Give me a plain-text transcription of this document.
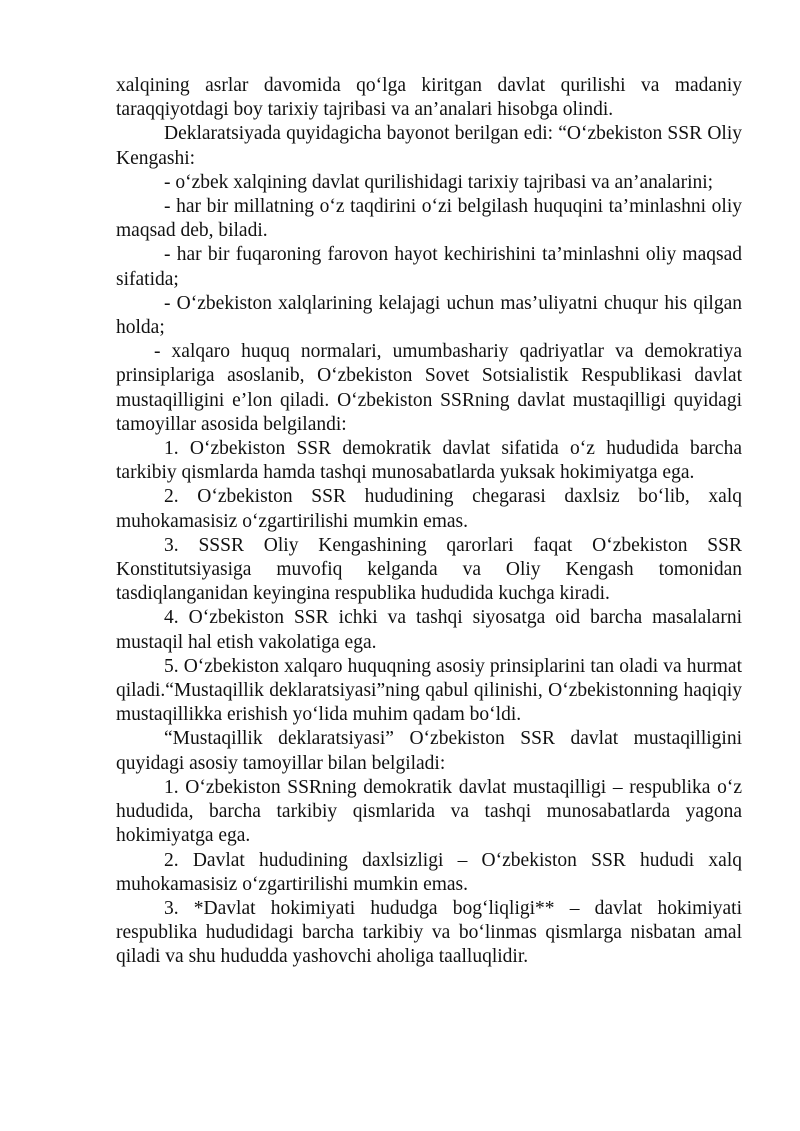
xalqining asrlar davomida qo‘lga kiritgan davlat qurilishi va madaniy taraqqiyotdagi boy tarixiy tajribasi va an’analari hisobga olindi.

Deklaratsiyada quyidagicha bayonot berilgan edi: “O‘zbekiston SSR Oliy Kengashi:

- o‘zbek xalqining davlat qurilishidagi tarixiy tajribasi va an’analarini;

- har bir millatning o‘z taqdirini o‘zi belgilash huquqini ta’minlashni oliy maqsad deb, biladi.

- har bir fuqaroning farovon hayot kechirishini ta’minlashni oliy maqsad sifatida;

- O‘zbekiston xalqlarining kelajagi uchun mas’uliyatni chuqur his qilgan holda;

- xalqaro huquq normalari, umumbashariy qadriyatlar va demokratiya prinsiplariga asoslanib, O‘zbekiston Sovet Sotsialistik Respublikasi davlat mustaqilligini e’lon qiladi. O‘zbekiston SSRning davlat mustaqilligi quyidagi tamoyillar asosida belgilandi:

1. O‘zbekiston SSR demokratik davlat sifatida o‘z hududida barcha tarkibiy qismlarda hamda tashqi munosabatlarda yuksak hokimiyatga ega.

2. O‘zbekiston SSR hududining chegarasi daxlsiz bo‘lib, xalq muhokamasisiz o‘zgartirilishi mumkin emas.

3. SSSR Oliy Kengashining qarorlari faqat O‘zbekiston SSR Konstitutsiyasiga muvofiq kelganda va Oliy Kengash tomonidan tasdiqlanganidan keyingina respublika hududida kuchga kiradi.

4. O‘zbekiston SSR ichki va tashqi siyosatga oid barcha masalalarni mustaqil hal etish vakolatiga ega.

5. O‘zbekiston xalqaro huquqning asosiy prinsiplarini tan oladi va hurmat qiladi.“Mustaqillik deklaratsiyasi”ning qabul qilinishi, O‘zbekistonning haqiqiy mustaqillikka erishish yo‘lida muhim qadam bo‘ldi.

“Mustaqillik deklaratsiyasi” O‘zbekiston SSR davlat mustaqilligini quyidagi asosiy tamoyillar bilan belgiladi:

1. O‘zbekiston SSRning demokratik davlat mustaqilligi – respublika o‘z hududida, barcha tarkibiy qismlarida va tashqi munosabatlarda yagona hokimiyatga ega.

2. Davlat hududining daxlsizligi – O‘zbekiston SSR hududi xalq muhokamasisiz o‘zgartirilishi mumkin emas.

3. *Davlat hokimiyati hududga bog‘liqligi** – davlat hokimiyati respublika hududidagi barcha tarkibiy va bo‘linmas qismlarga nisbatan amal qiladi va shu hududda yashovchi aholiga taalluqlidir.
